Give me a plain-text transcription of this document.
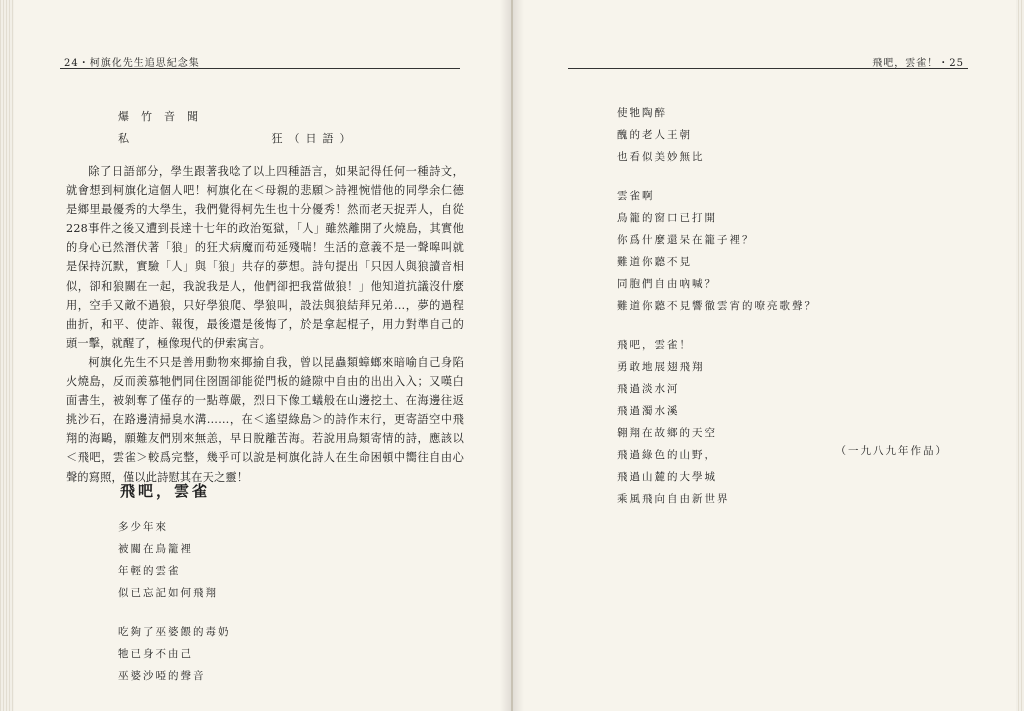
24・柯旗化先生追思紀念集
爆竹音聞
私	狂（日語）

除了日語部分，學生跟著我唸了以上四種語言，如果記得任何一種詩文，就會想到柯旗化這個人吧！柯旗化在＜母親的悲願＞詩裡惋惜他的同學余仁德是鄉里最優秀的大學生，我們覺得柯先生也十分優秀！然而老天捉弄人，自從228事件之後又遭到長達十七年的政治冤獄，「人」雖然離開了火燒島，其實他的身心已然潛伏著「狼」的狂犬病魔而苟延殘喘！生活的意義不是一聲嗥叫就是保持沉默，實驗「人」與「狼」共存的夢想。詩句提出「只因人與狼讀音相似，卻和狼關在一起，我說我是人，他們卻把我當做狼！」他知道抗議沒什麼用，空手又敵不過狼，只好學狼爬、學狼叫，設法與狼結拜兄弟…，夢的過程曲折，和平、使詐、報復，最後還是後悔了，於是拿起棍子，用力對準自己的頭一擊，就醒了，極像現代的伊索寓言。

柯旗化先生不只是善用動物來揶揄自我，曾以昆蟲類蟑螂來暗喻自己身陷火燒島，反而羨慕牠們同住囹圄卻能從門板的縫隙中自由的出出入入；又嘆白面書生，被剝奪了僅存的一點尊嚴，烈日下像工蟻般在山邊挖土、在海邊往返挑沙石，在路邊清掃臭水溝……，在＜遙望綠島＞的詩作末行，更寄語空中飛翔的海鷗，願難友們別來無恙，早日脫離苦海。若說用鳥類寄情的詩，應該以＜飛吧，雲雀＞較爲完整，幾乎可以說是柯旗化詩人在生命困頓中嚮往自由心聲的寫照，僅以此詩慰其在天之靈！

飛吧，雲雀
多少年來
被關在鳥籠裡
年輕的雲雀
似已忘記如何飛翔
吃夠了巫婆餵的毒奶
牠已身不由己
巫婆沙啞的聲音
飛吧，雲雀！・25
使牠陶醉
醜的老人王朝
也看似美妙無比
雲雀啊
鳥籠的窗口已打開
你爲什麼還呆在籠子裡？
難道你聽不見
同胞們自由吶喊？
難道你聽不見響徹雲宵的嘹亮歌聲？
飛吧，雲雀！
勇敢地展翅飛翔
飛過淡水河
飛過濁水溪
翱翔在故鄉的天空
飛過綠色的山野，
飛過山麓的大學城
乘風飛向自由新世界
（一九八九年作品）
